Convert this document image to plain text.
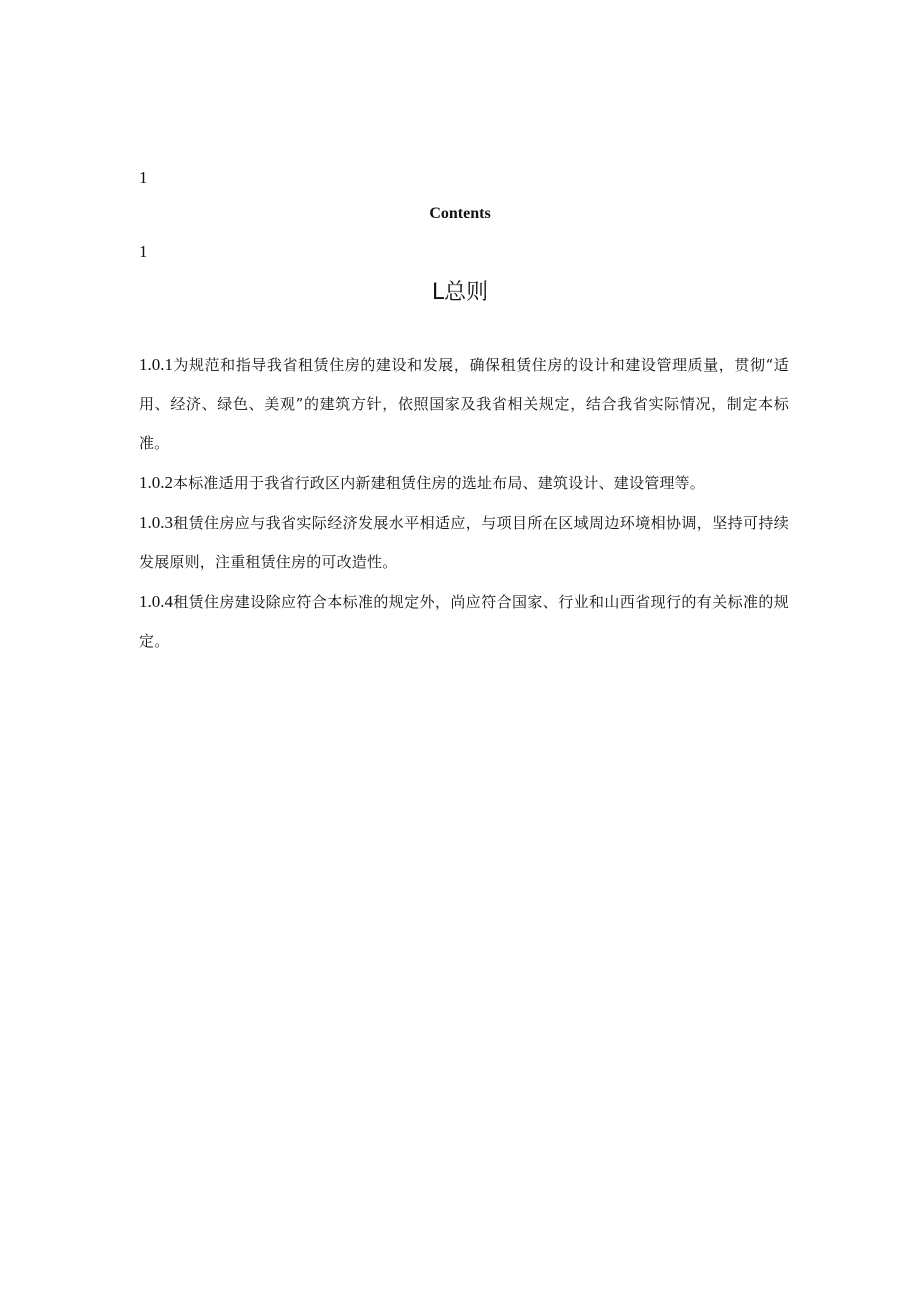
1
Contents
1
L总则

1.0.1为规范和指导我省租赁住房的建设和发展，确保租赁住房的设计和建设管理质量，贯彻“适用、经济、绿色、美观”的建筑方针，依照国家及我省相关规定，结合我省实际情况，制定本标准。

1.0.2本标准适用于我省行政区内新建租赁住房的选址布局、建筑设计、建设管理等。

1.0.3租赁住房应与我省实际经济发展水平相适应，与项目所在区域周边环境相协调，坚持可持续发展原则，注重租赁住房的可改造性。

1.0.4租赁住房建设除应符合本标准的规定外，尚应符合国家、行业和山西省现行的有关标准的规定。
